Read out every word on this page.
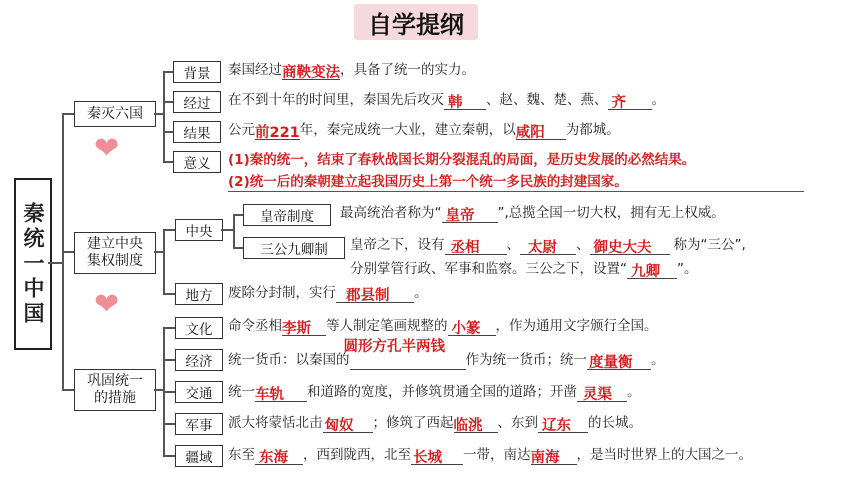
自学提纲
秦统一中国
秦灭六国
建立中央集权制度
巩固统一的措施
❤
❤
背景
经过
结果
意义
中央
地方
皇帝制度
三公九卿制
文化
经济
交通
军事
疆域
秦国经过商鞅变法，具备了统一的实力。
在不到十年的时间里，秦国先后攻灭 韩 、赵、魏、楚、燕、 齐 。
公元前221年，秦完成统一大业，建立秦朝，以咸阳 为都城。
(1)秦的统一，结束了春秋战国长期分裂混乱的局面，是历史发展的必然结果。
(2)统一后的秦朝建立起我国历史上第一个统一多民族的封建国家。
最高统治者称为“ 皇帝 ”,总揽全国一切大权，拥有无上权威。
皇帝之下，设有 丞相 、 太尉 、 御史大夫 称为“三公”,
分别掌管行政、军事和监察。三公之下，设置“ 九卿 ”。
废除分封制，实行 郡县制 。
命令丞相李斯 等人制定笔画规整的 小篆 ，作为通用文字颁行全国。
统一货币：以秦国的
圆形方孔半两钱
作为统一货币；统一 度量衡 。
统一车轨 和道路的宽度，并修筑贯通全国的道路；开凿 灵渠 。
派大将蒙恬北击 匈奴 ；修筑了西起临洮 、东到 辽东 的长城。
东至 东海 ，西到陇西，北至 长城 一带，南达南海 ，是当时世界上的大国之一。
